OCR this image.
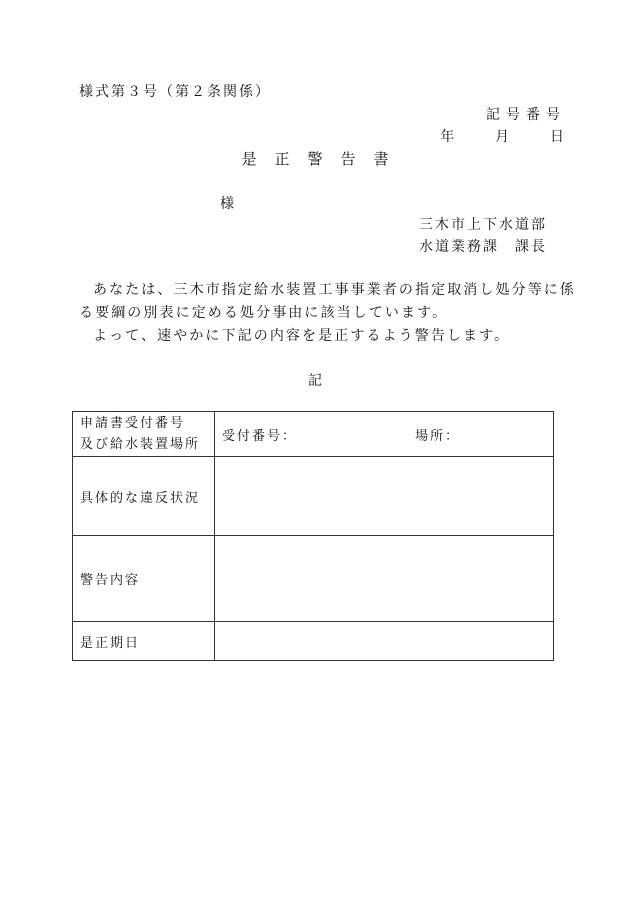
様式第３号（第２条関係）
記号番号
年	月	日
是正警告書
様
三木市上下水道部
水道業務課　課長

あなたは、三木市指定給水装置工事事業者の指定取消し処分等に係る要綱の別表に定める処分事由に該当しています。

よって、速やかに下記の内容を是正するよう警告します。

記
申請書受付番号
及び給水装置場所	受付番号： 場所：
具体的な違反状況	
警告内容	
是正期日	
